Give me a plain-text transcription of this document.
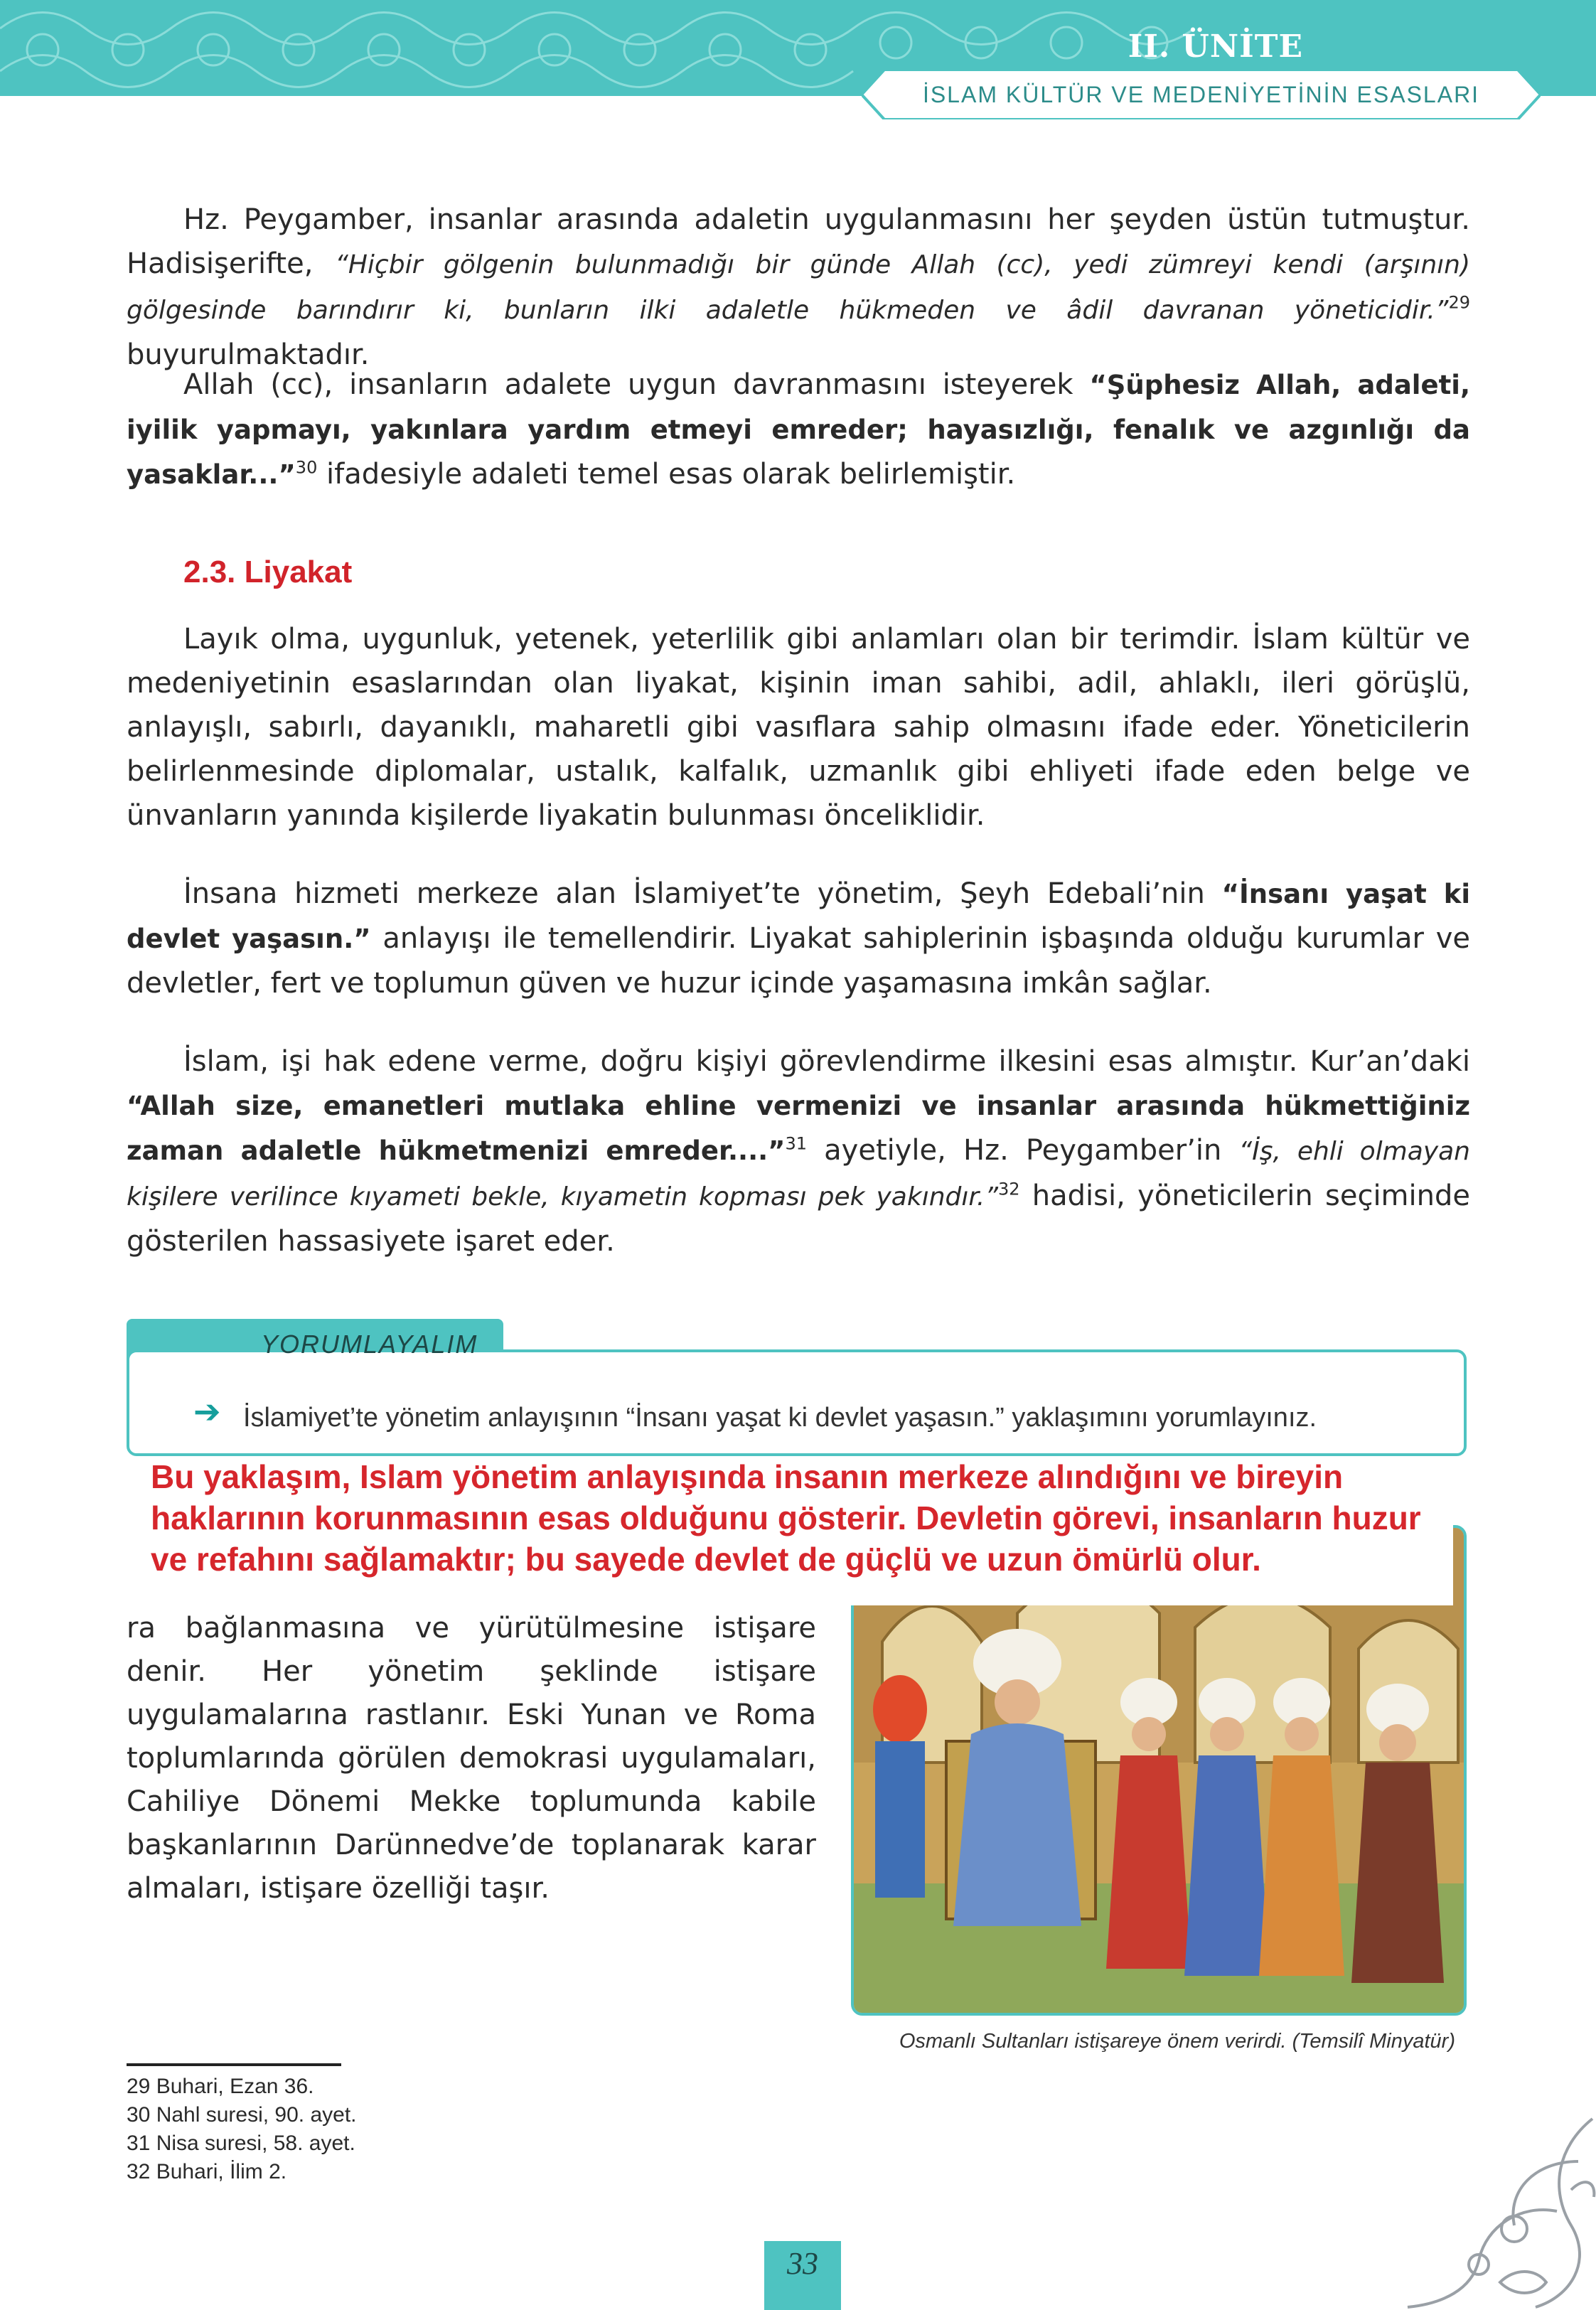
II. ÜNİTE
İSLAM KÜLTÜR VE MEDENİYETİNİN ESASLARI
Hz. Peygamber, insanlar arasında adaletin uygulanmasını her şeyden üstün tutmuştur. Hadisişerifte, “Hiçbir gölgenin bulunmadığı bir günde Allah (cc), yedi zümreyi kendi (arşının) gölgesinde barındırır ki, bunların ilki adaletle hükmeden ve âdil davranan yöneticidir.”$^{29}$ buyurulmaktadır.
Allah (cc), insanların adalete uygun davranmasını isteyerek “Şüphesiz Allah, adaleti, iyilik yapmayı, yakınlara yardım etmeyi emreder; hayasızlığı, fenalık ve azgınlığı da yasaklar...”$^{30}$ ifadesiyle adaleti temel esas olarak belirlemiştir.
2.3. Liyakat
Layık olma, uygunluk, yetenek, yeterlilik gibi anlamları olan bir terimdir. İslam kültür ve medeniyetinin esaslarından olan liyakat, kişinin iman sahibi, adil, ahlaklı, ileri görüşlü, anlayışlı, sabırlı, dayanıklı, maharetli gibi vasıflara sahip olmasını ifade eder. Yöneticilerin belirlenmesinde diplomalar, ustalık, kalfalık, uzmanlık gibi ehliyeti ifade eden belge ve ünvanların yanında kişilerde liyakatin bulunması önceliklidir.
İnsana hizmeti merkeze alan İslamiyet’te yönetim, Şeyh Edebali’nin “İnsanı yaşat ki devlet yaşasın.” anlayışı ile temellendirir. Liyakat sahiplerinin işbaşında olduğu kurumlar ve devletler, fert ve toplumun güven ve huzur içinde yaşamasına imkân sağlar.
İslam, işi hak edene verme, doğru kişiyi görevlendirme ilkesini esas almıştır. Kur’an’daki “Allah size, emanetleri mutlaka ehline vermenizi ve insanlar arasında hükmettiğiniz zaman adaletle hükmetmenizi emreder....”$^{31}$ ayetiyle, Hz. Peygamber’in “İş, ehli olmayan kişilere verilince kıyameti bekle, kıyametin kopması pek yakındır.”$^{32}$ hadisi, yöneticilerin seçiminde gösterilen hassasiyete işaret eder.
YORUMLAYALIM
➔ İslamiyet’te yönetim anlayışının “İnsanı yaşat ki devlet yaşasın.” yaklaşımını yorumlayınız.
Osmanlı Sultanları istişareye önem verirdi. (Temsilî Minyatür)

Bu yaklaşım, Islam yönetim anlayışında insanın merkeze alındığını ve bireyin haklarının korunmasının esas olduğunu gösterir. Devletin görevi, insanların huzur ve refahını sağlamaktır; bu sayede devlet de güçlü ve uzun ömürlü olur.

ra bağlanmasına ve yürütülmesine istişare denir. Her yönetim şeklinde istişare uygulamalarına rastlanır. Eski Yunan ve Roma toplumlarında görülen demokrasi uygulamaları, Cahiliye Dönemi Mekke toplumunda kabile başkanlarının Darünnedve’de toplanarak karar almaları, istişare özelliği taşır.
29 Buhari, Ezan 36.
30 Nahl suresi, 90. ayet.
31 Nisa suresi, 58. ayet.
32 Buhari, İlim 2.
33
